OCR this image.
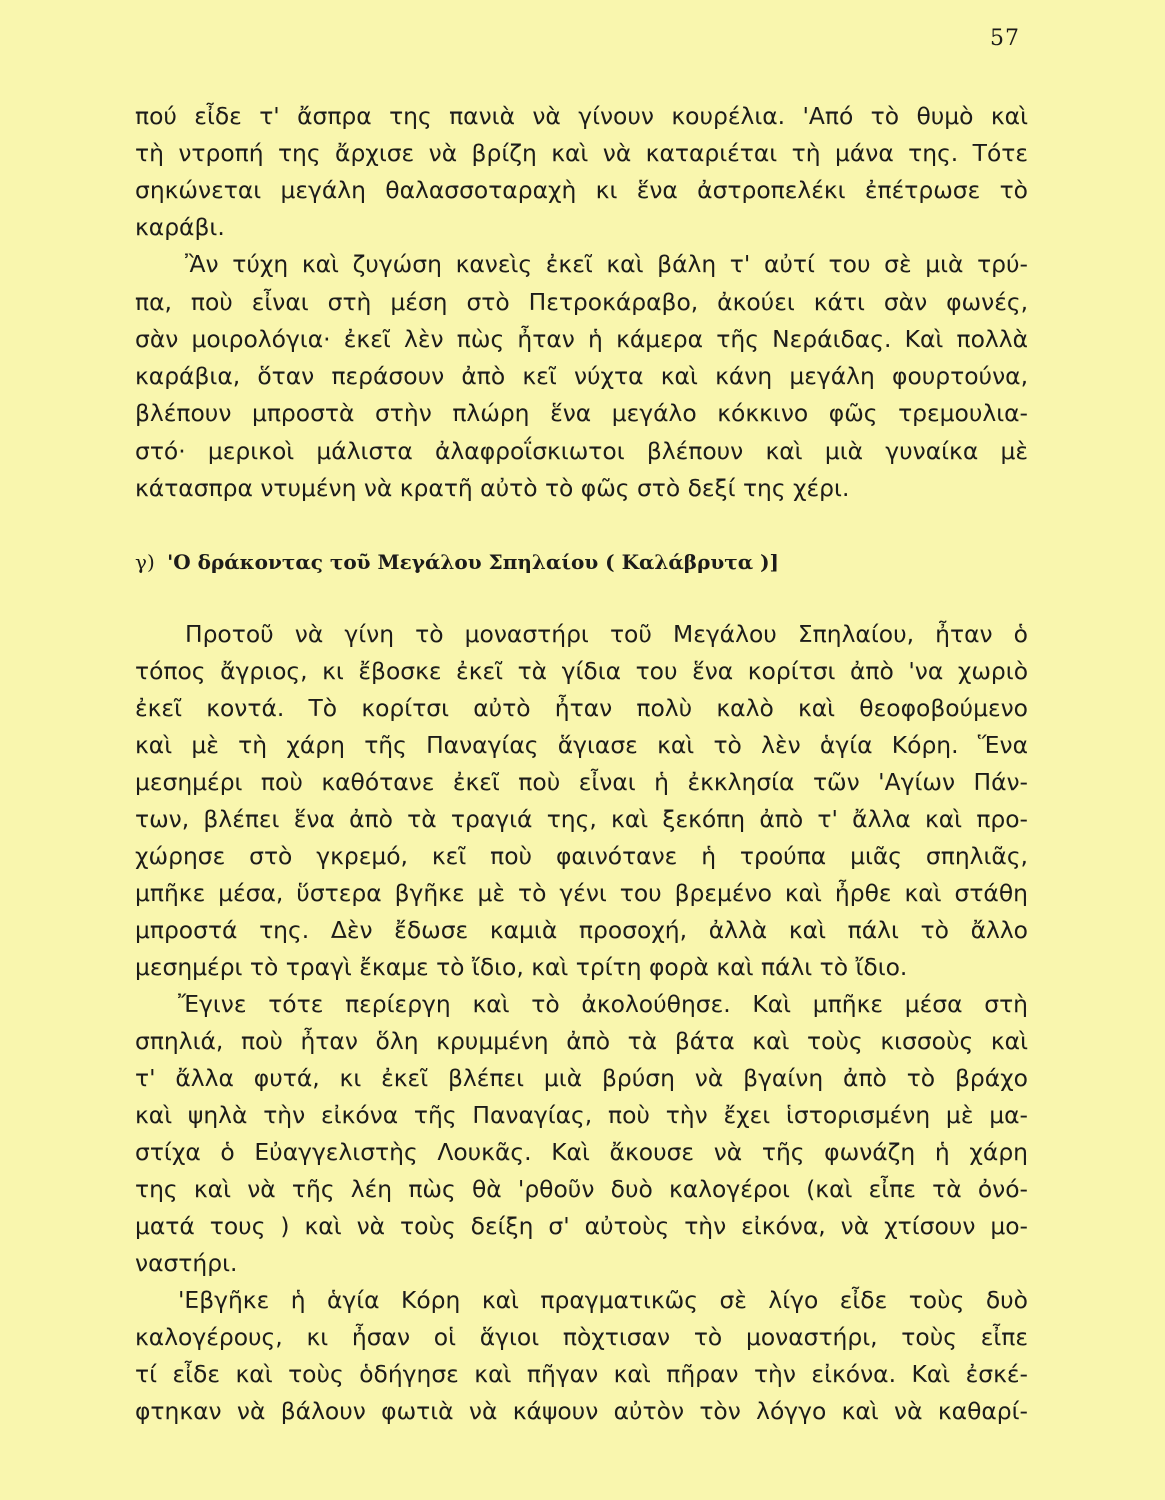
57
πού εἶδε τ' ἄσπρα της πανιὰ νὰ γίνουν κουρέλια. 'Από τὸ θυμὸ καὶ
τὴ ντροπή της ἄρχισε νὰ βρίζη καὶ νὰ καταριέται τὴ μάνα της. Τότε
σηκώνεται μεγάλη θαλασσοταραχὴ κι ἕνα ἀστροπελέκι ἐπέτρωσε τὸ
καράβι.
Ἂν τύχη καὶ ζυγώση κανεὶς ἐκεῖ καὶ βάλη τ' αὐτί του σὲ μιὰ τρύ-
πα, ποὺ εἶναι στὴ μέση στὸ Πετροκάραβο, ἀκούει κάτι σὰν φωνές,
σὰν μοιρολόγια· ἐκεῖ λὲν πὼς ἦταν ἡ κάμερα τῆς Νεράιδας. Καὶ πολλὰ
καράβια, ὅταν περάσουν ἀπὸ κεῖ νύχτα καὶ κάνη μεγάλη φουρτούνα,
βλέπουν μπροστὰ στὴν πλώρη ἕνα μεγάλο κόκκινο φῶς τρεμουλια-
στό· μερικοὶ μάλιστα ἀλαφροΐσκιωτοι βλέπουν καὶ μιὰ γυναίκα μὲ
κάτασπρα ντυμένη νὰ κρατῆ αὐτὸ τὸ φῶς στὸ δεξί της χέρι.
γ) 'Ο δράκοντας τοῦ Μεγάλου Σπηλαίου ( Καλάβρυτα )]
Προτοῦ νὰ γίνη τὸ μοναστήρι τοῦ Μεγάλου Σπηλαίου, ἦταν ὁ
τόπος ἄγριος, κι ἔβοσκε ἐκεῖ τὰ γίδια του ἕνα κορίτσι ἀπὸ 'να χωριὸ
ἐκεῖ κοντά. Τὸ κορίτσι αὐτὸ ἦταν πολὺ καλὸ καὶ θεοφοβούμενο
καὶ μὲ τὴ χάρη τῆς Παναγίας ἅγιασε καὶ τὸ λὲν ἁγία Κόρη. Ἕνα
μεσημέρι ποὺ καθότανε ἐκεῖ ποὺ εἶναι ἡ ἐκκλησία τῶν 'Αγίων Πάν-
των, βλέπει ἕνα ἀπὸ τὰ τραγιά της, καὶ ξεκόπη ἀπὸ τ' ἄλλα καὶ προ-
χώρησε στὸ γκρεμό, κεῖ ποὺ φαινότανε ἡ τρούπα μιᾶς σπηλιᾶς,
μπῆκε μέσα, ὕστερα βγῆκε μὲ τὸ γένι του βρεμένο καὶ ἦρθε καὶ στάθη
μπροστά της. Δὲν ἔδωσε καμιὰ προσοχή, ἀλλὰ καὶ πάλι τὸ ἄλλο
μεσημέρι τὸ τραγὶ ἔκαμε τὸ ἴδιο, καὶ τρίτη φορὰ καὶ πάλι τὸ ἴδιο.
Ἔγινε τότε περίεργη καὶ τὸ ἀκολούθησε. Καὶ μπῆκε μέσα στὴ
σπηλιά, ποὺ ἦταν ὅλη κρυμμένη ἀπὸ τὰ βάτα καὶ τοὺς κισσοὺς καὶ
τ' ἄλλα φυτά, κι ἐκεῖ βλέπει μιὰ βρύση νὰ βγαίνη ἀπὸ τὸ βράχο
καὶ ψηλὰ τὴν εἰκόνα τῆς Παναγίας, ποὺ τὴν ἔχει ἱστορισμένη μὲ μα-
στίχα ὁ Εὐαγγελιστὴς Λουκᾶς. Καὶ ἄκουσε νὰ τῆς φωνάζη ἡ χάρη
της καὶ νὰ τῆς λέη πὼς θὰ 'ρθοῦν δυὸ καλογέροι (καὶ εἶπε τὰ ὀνό-
ματά τους ) καὶ νὰ τοὺς δείξη σ' αὐτοὺς τὴν εἰκόνα, νὰ χτίσουν μο-
ναστήρι.
'Εβγῆκε ἡ ἁγία Κόρη καὶ πραγματικῶς σὲ λίγο εἶδε τοὺς δυὸ
καλογέρους, κι ἦσαν οἱ ἅγιοι πὸχτισαν τὸ μοναστήρι, τοὺς εἶπε
τί εἶδε καὶ τοὺς ὁδήγησε καὶ πῆγαν καὶ πῆραν τὴν εἰκόνα. Καὶ ἐσκέ-
φτηκαν νὰ βάλουν φωτιὰ νὰ κάψουν αὐτὸν τὸν λόγγο καὶ νὰ καθαρί-
